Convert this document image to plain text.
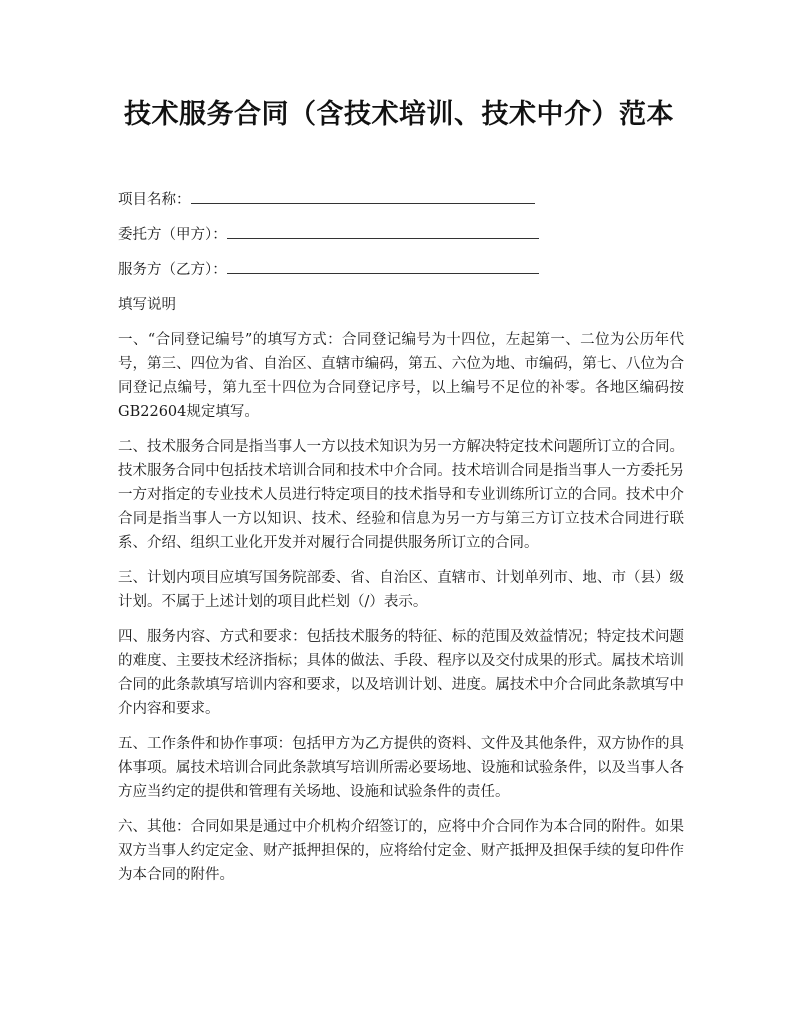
技术服务合同（含技术培训、技术中介）范本
项目名称：
委托方（甲方）：
服务方（乙方）：

填写说明

一、“合同登记编号”的填写方式：合同登记编号为十四位，左起第一、二位为公历年代号，第三、四位为省、自治区、直辖市编码，第五、六位为地、市编码，第七、八位为合同登记点编号，第九至十四位为合同登记序号，以上编号不足位的补零。各地区编码按GB22604规定填写。

二、技术服务合同是指当事人一方以技术知识为另一方解决特定技术问题所订立的合同。技术服务合同中包括技术培训合同和技术中介合同。技术培训合同是指当事人一方委托另一方对指定的专业技术人员进行特定项目的技术指导和专业训练所订立的合同。技术中介合同是指当事人一方以知识、技术、经验和信息为另一方与第三方订立技术合同进行联系、介绍、组织工业化开发并对履行合同提供服务所订立的合同。

三、计划内项目应填写国务院部委、省、自治区、直辖市、计划单列市、地、市（县）级计划。不属于上述计划的项目此栏划（/）表示。

四、服务内容、方式和要求：包括技术服务的特征、标的范围及效益情况；特定技术问题的难度、主要技术经济指标；具体的做法、手段、程序以及交付成果的形式。属技术培训合同的此条款填写培训内容和要求，以及培训计划、进度。属技术中介合同此条款填写中介内容和要求。

五、工作条件和协作事项：包括甲方为乙方提供的资料、文件及其他条件，双方协作的具体事项。属技术培训合同此条款填写培训所需必要场地、设施和试验条件，以及当事人各方应当约定的提供和管理有关场地、设施和试验条件的责任。

六、其他：合同如果是通过中介机构介绍签订的，应将中介合同作为本合同的附件。如果双方当事人约定定金、财产抵押担保的，应将给付定金、财产抵押及担保手续的复印件作为本合同的附件。
